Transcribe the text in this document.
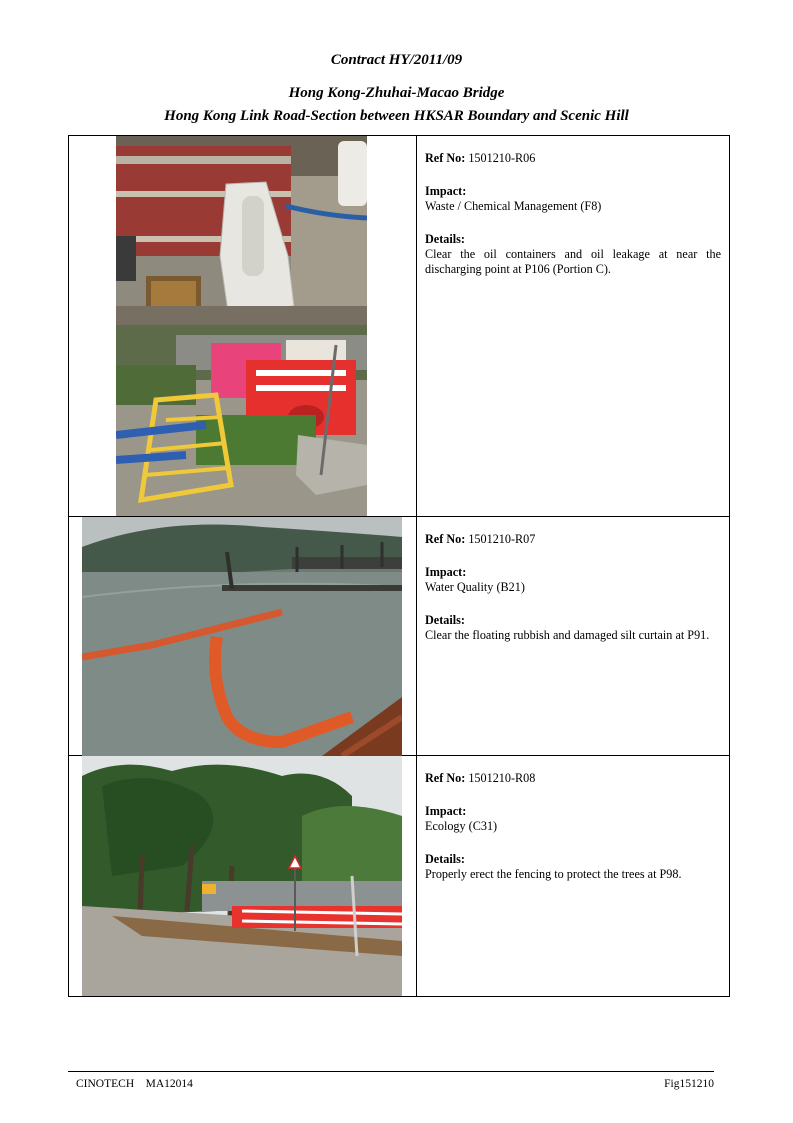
Contract HY/2011/09
Hong Kong-Zhuhai-Macao Bridge
Hong Kong Link Road-Section between HKSAR Boundary and Scenic Hill

Ref No: 1501210-R06
Impact:
Waste / Chemical Management (F8)
Details:
Clear the oil containers and oil leakage at near the discharging point at P106 (Portion C).

Ref No: 1501210-R07
Impact:
Water Quality (B21)
Details:
Clear the floating rubbish and damaged silt curtain at P91.

Ref No: 1501210-R08
Impact:
Ecology (C31)
Details:
Properly erect the fencing to protect the trees at P98.
CINOTECH    MA12014	Fig151210
